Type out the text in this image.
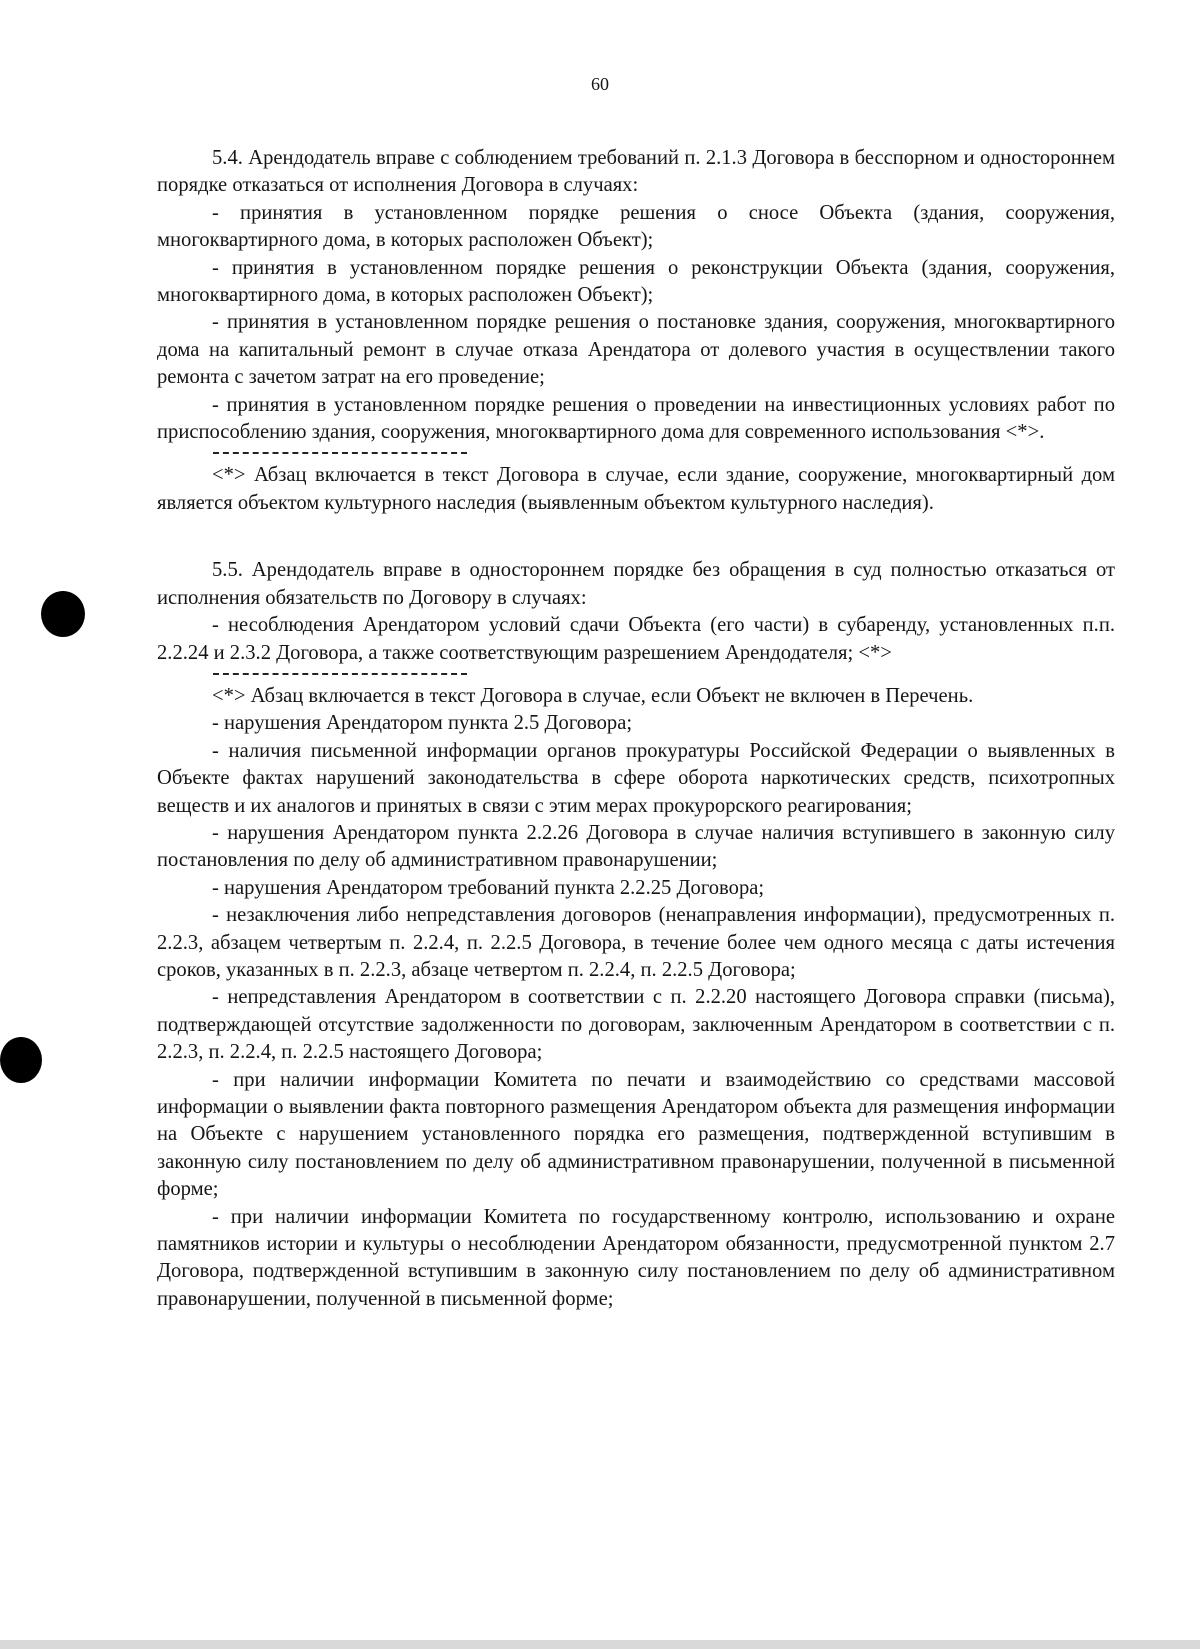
60

5.4. Арендодатель вправе с соблюдением требований п. 2.1.3 Договора в бесспорном и одностороннем порядке отказаться от исполнения Договора в случаях:

- принятия в установленном порядке решения о сносе Объекта (здания, сооружения, многоквартирного дома, в которых расположен Объект);

- принятия в установленном порядке решения о реконструкции Объекта (здания, сооружения, многоквартирного дома, в которых расположен Объект);

- принятия в установленном порядке решения о постановке здания, сооружения, многоквартирного дома на капитальный ремонт в случае отказа Арендатора от долевого участия в осуществлении такого ремонта с зачетом затрат на его проведение;

- принятия в установленном порядке решения о проведении на инвестиционных условиях работ по приспособлению здания, сооружения, многоквартирного дома для современного использования <*>.

<*> Абзац включается в текст Договора в случае, если здание, сооружение, многоквартирный дом является объектом культурного наследия (выявленным объектом культурного наследия).

5.5. Арендодатель вправе в одностороннем порядке без обращения в суд полностью отказаться от исполнения обязательств по Договору в случаях:

- несоблюдения Арендатором условий сдачи Объекта (его части) в субаренду, установленных п.п. 2.2.24 и 2.3.2 Договора, а также соответствующим разрешением Арендодателя; <*>

<*> Абзац включается в текст Договора в случае, если Объект не включен в Перечень.

- нарушения Арендатором пункта 2.5 Договора;

- наличия письменной информации органов прокуратуры Российской Федерации о выявленных в Объекте фактах нарушений законодательства в сфере оборота наркотических средств, психотропных веществ и их аналогов и принятых в связи с этим мерах прокурорского реагирования;

- нарушения Арендатором пункта 2.2.26 Договора в случае наличия вступившего в законную силу постановления по делу об административном правонарушении;

- нарушения Арендатором требований пункта 2.2.25 Договора;

- незаключения либо непредставления договоров (ненаправления информации), предусмотренных п. 2.2.3, абзацем четвертым п. 2.2.4, п. 2.2.5 Договора, в течение более чем одного месяца с даты истечения сроков, указанных в п. 2.2.3, абзаце четвертом п. 2.2.4, п. 2.2.5 Договора;

- непредставления Арендатором в соответствии с п. 2.2.20 настоящего Договора справки (письма), подтверждающей отсутствие задолженности по договорам, заключенным Арендатором в соответствии с п. 2.2.3, п. 2.2.4, п. 2.2.5 настоящего Договора;

- при наличии информации Комитета по печати и взаимодействию со средствами массовой информации о выявлении факта повторного размещения Арендатором объекта для размещения информации на Объекте с нарушением установленного порядка его размещения, подтвержденной вступившим в законную силу постановлением по делу об административном правонарушении, полученной в письменной форме;

- при наличии информации Комитета по государственному контролю, использованию и охране памятников истории и культуры о несоблюдении Арендатором обязанности, предусмотренной пунктом 2.7 Договора, подтвержденной вступившим в законную силу постановлением по делу об административном правонарушении, полученной в письменной форме;
